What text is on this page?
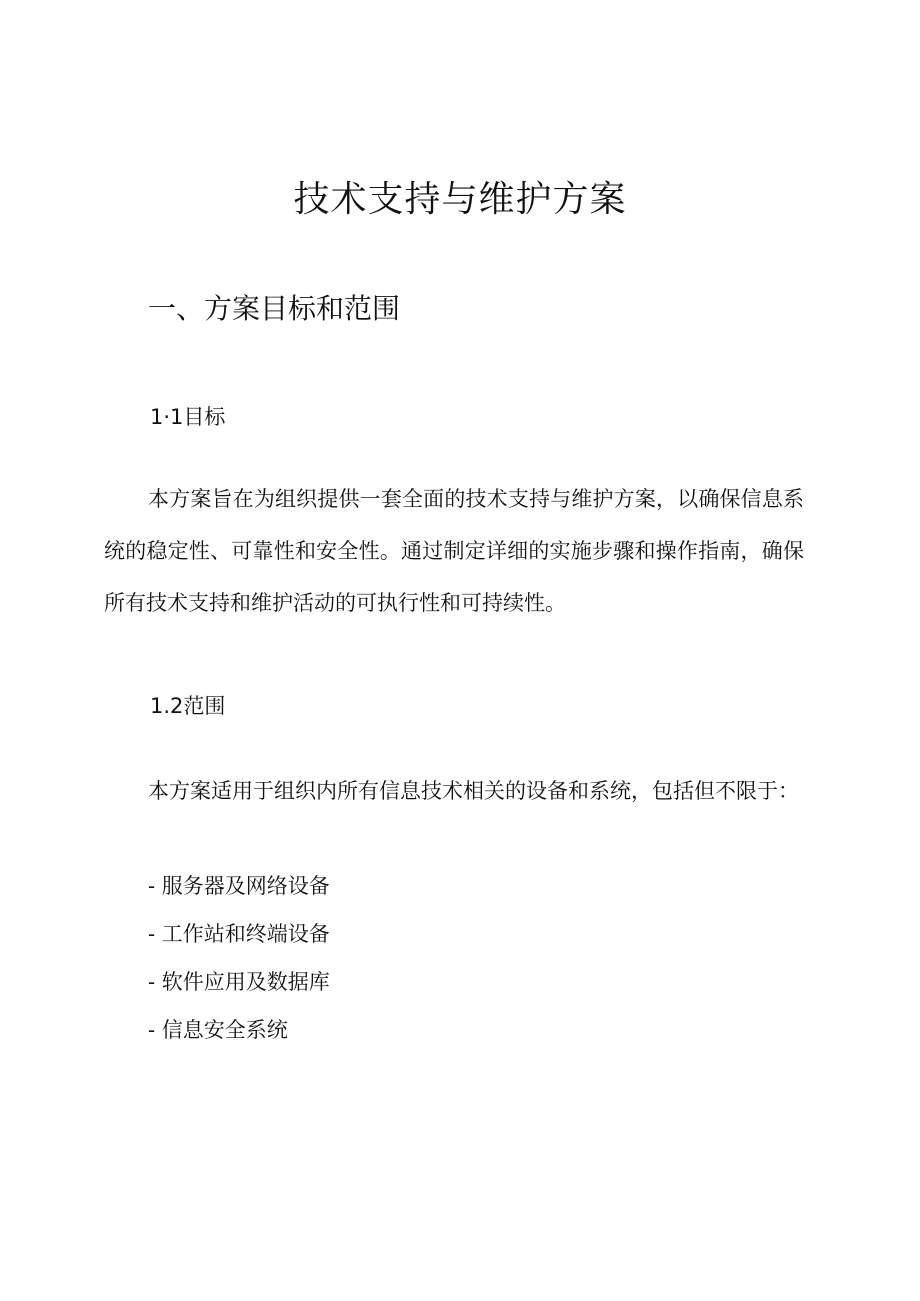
技术支持与维护方案
一、方案目标和范围
1·1目标

本方案旨在为组织提供一套全面的技术支持与维护方案，以确保信息系统的稳定性、可靠性和安全性。通过制定详细的实施步骤和操作指南，确保所有技术支持和维护活动的可执行性和可持续性。

1.2范围

本方案适用于组织内所有信息技术相关的设备和系统，包括但不限于：

- 服务器及网络设备
- 工作站和终端设备
- 软件应用及数据库
- 信息安全系统
